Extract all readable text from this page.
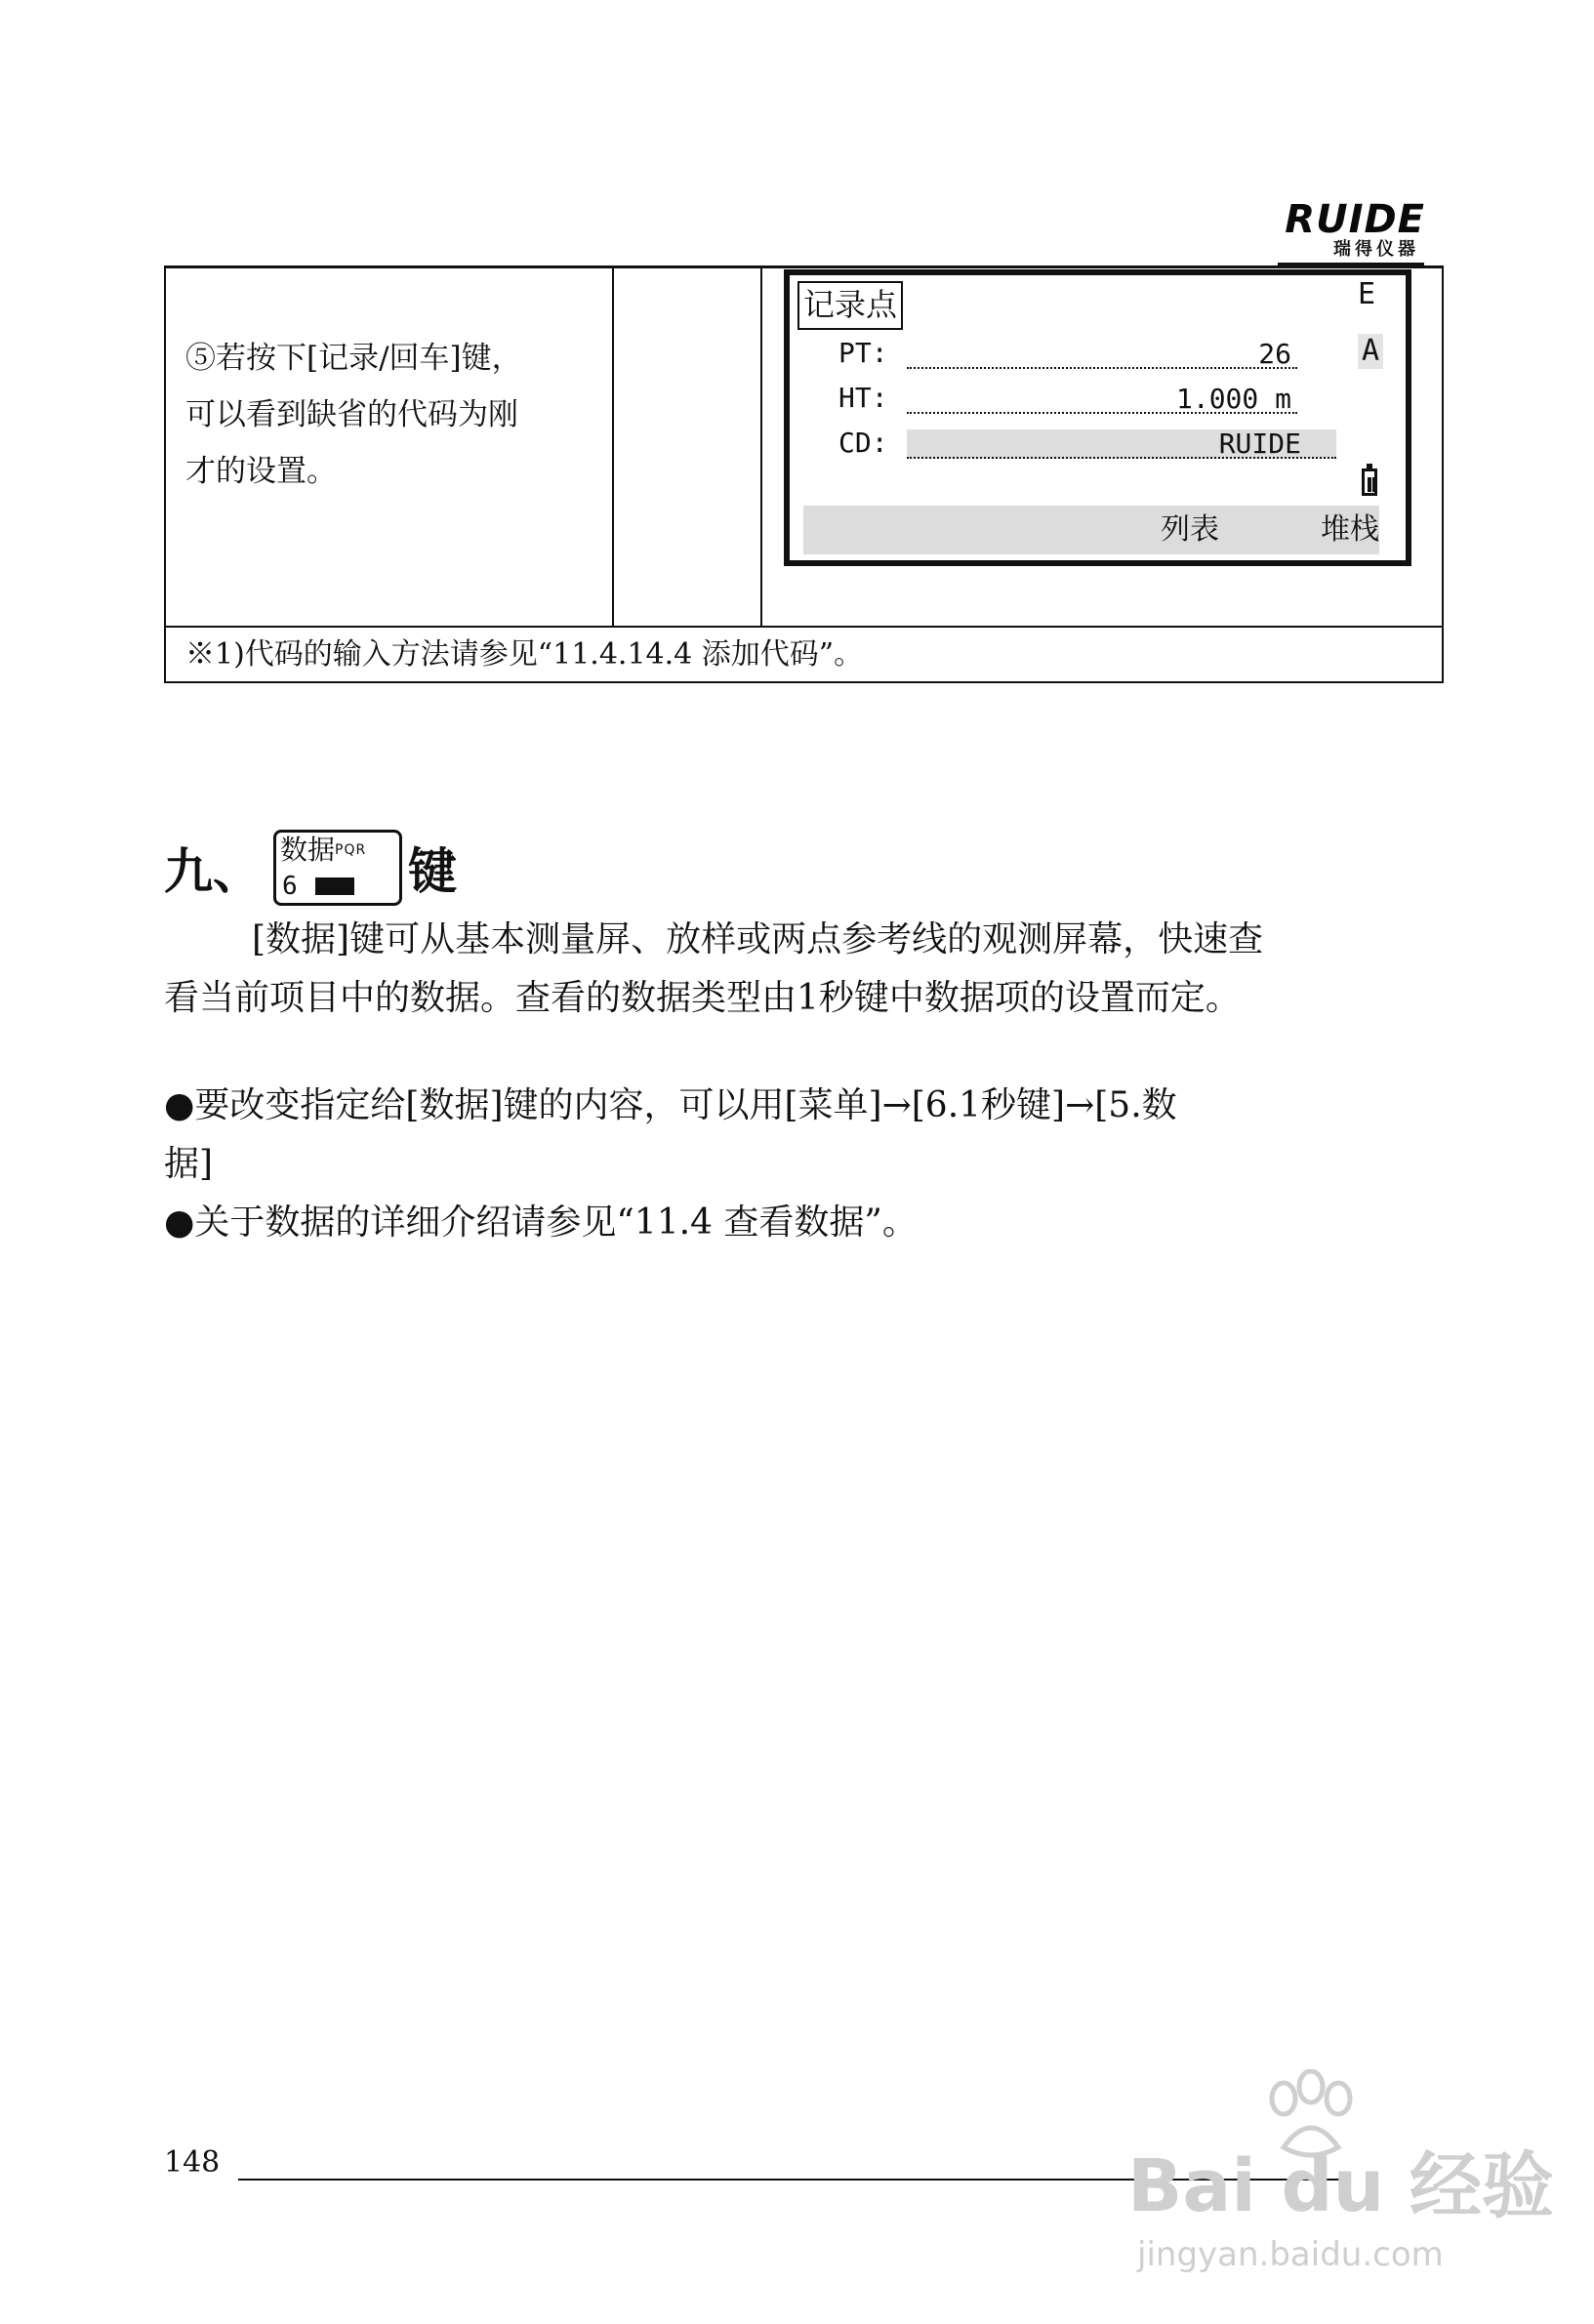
RUIDE
瑞得仪器
⑤若按下[记录/回车]键，
可以看到缺省的代码为刚
才的设置。
记录点	E
A
PT:	26
HT:	1.000 m
CD:	RUIDE
列表	堆栈
※1)代码的输入方法请参见“11.4.14.4 添加代码”。
九、 数据PQR
6 键
[数据]键可从基本测量屏、放样或两点参考线的观测屏幕，快速查
看当前项目中的数据。查看的数据类型由1秒键中数据项的设置而定。
●要改变指定给[数据]键的内容，可以用[菜单]→[6.1秒键]→[5.数
据]
●关于数据的详细介绍请参见“11.4 查看数据”。
148	Bai du 经验
jingyan.baidu.com
